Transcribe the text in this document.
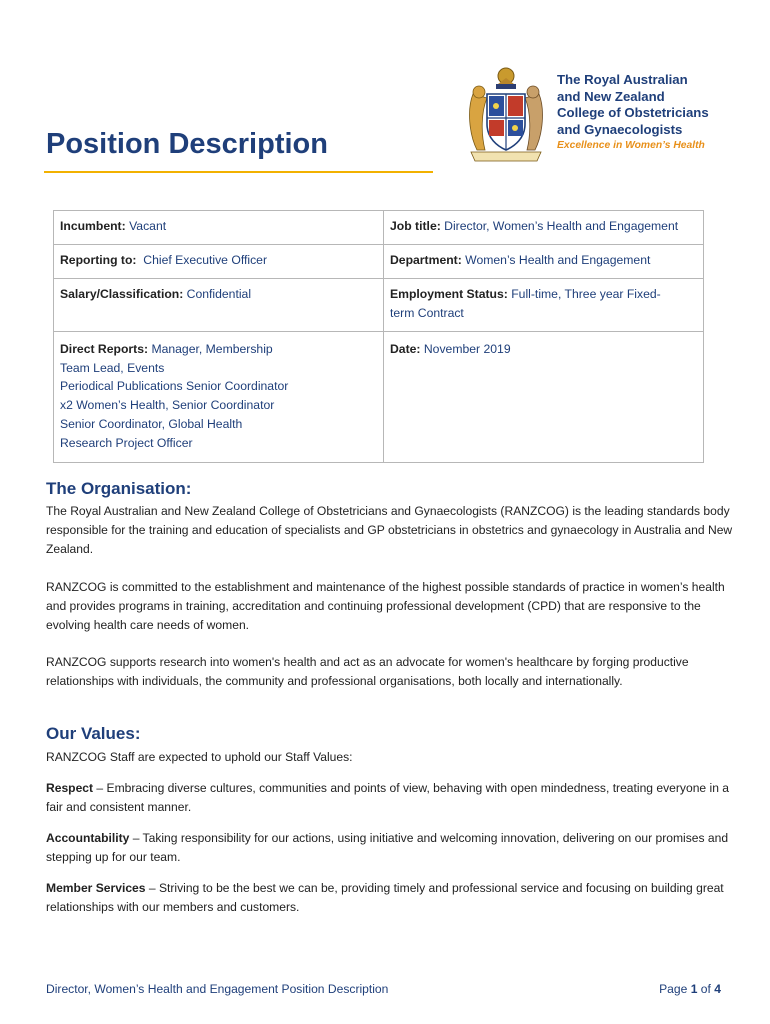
Position Description
The Royal Australian
and New Zealand
College of Obstetricians
and Gynaecologists
Excellence in Women’s Health
Incumbent: Vacant	Job title: Director, Women’s Health and Engagement
Reporting to: Chief Executive Officer	Department: Women’s Health and Engagement
Salary/Classification: Confidential	Employment Status: Full-time, Three year Fixed-
term Contract
Direct Reports: Manager, Membership
Team Lead, Events
Periodical Publications Senior Coordinator
x2 Women’s Health, Senior Coordinator
Senior Coordinator, Global Health
Research Project Officer
Date: November 2019
The Organisation:

The Royal Australian and New Zealand College of Obstetricians and Gynaecologists (RANZCOG) is the leading standards body responsible for the training and education of specialists and GP obstetricians in obstetrics and gynaecology in Australia and New Zealand.

RANZCOG is committed to the establishment and maintenance of the highest possible standards of practice in women’s health and provides programs in training, accreditation and continuing professional development (CPD) that are responsive to the evolving health care needs of women.

RANZCOG supports research into women's health and act as an advocate for women's healthcare by forging productive relationships with individuals, the community and professional organisations, both locally and internationally.

Our Values:

RANZCOG Staff are expected to uphold our Staff Values:

Respect – Embracing diverse cultures, communities and points of view, behaving with open mindedness, treating everyone in a fair and consistent manner.

Accountability – Taking responsibility for our actions, using initiative and welcoming innovation, delivering on our promises and stepping up for our team.

Member Services – Striving to be the best we can be, providing timely and professional service and focusing on building great relationships with our members and customers.

Director, Women’s Health and Engagement Position Description	Page 1 of 4
